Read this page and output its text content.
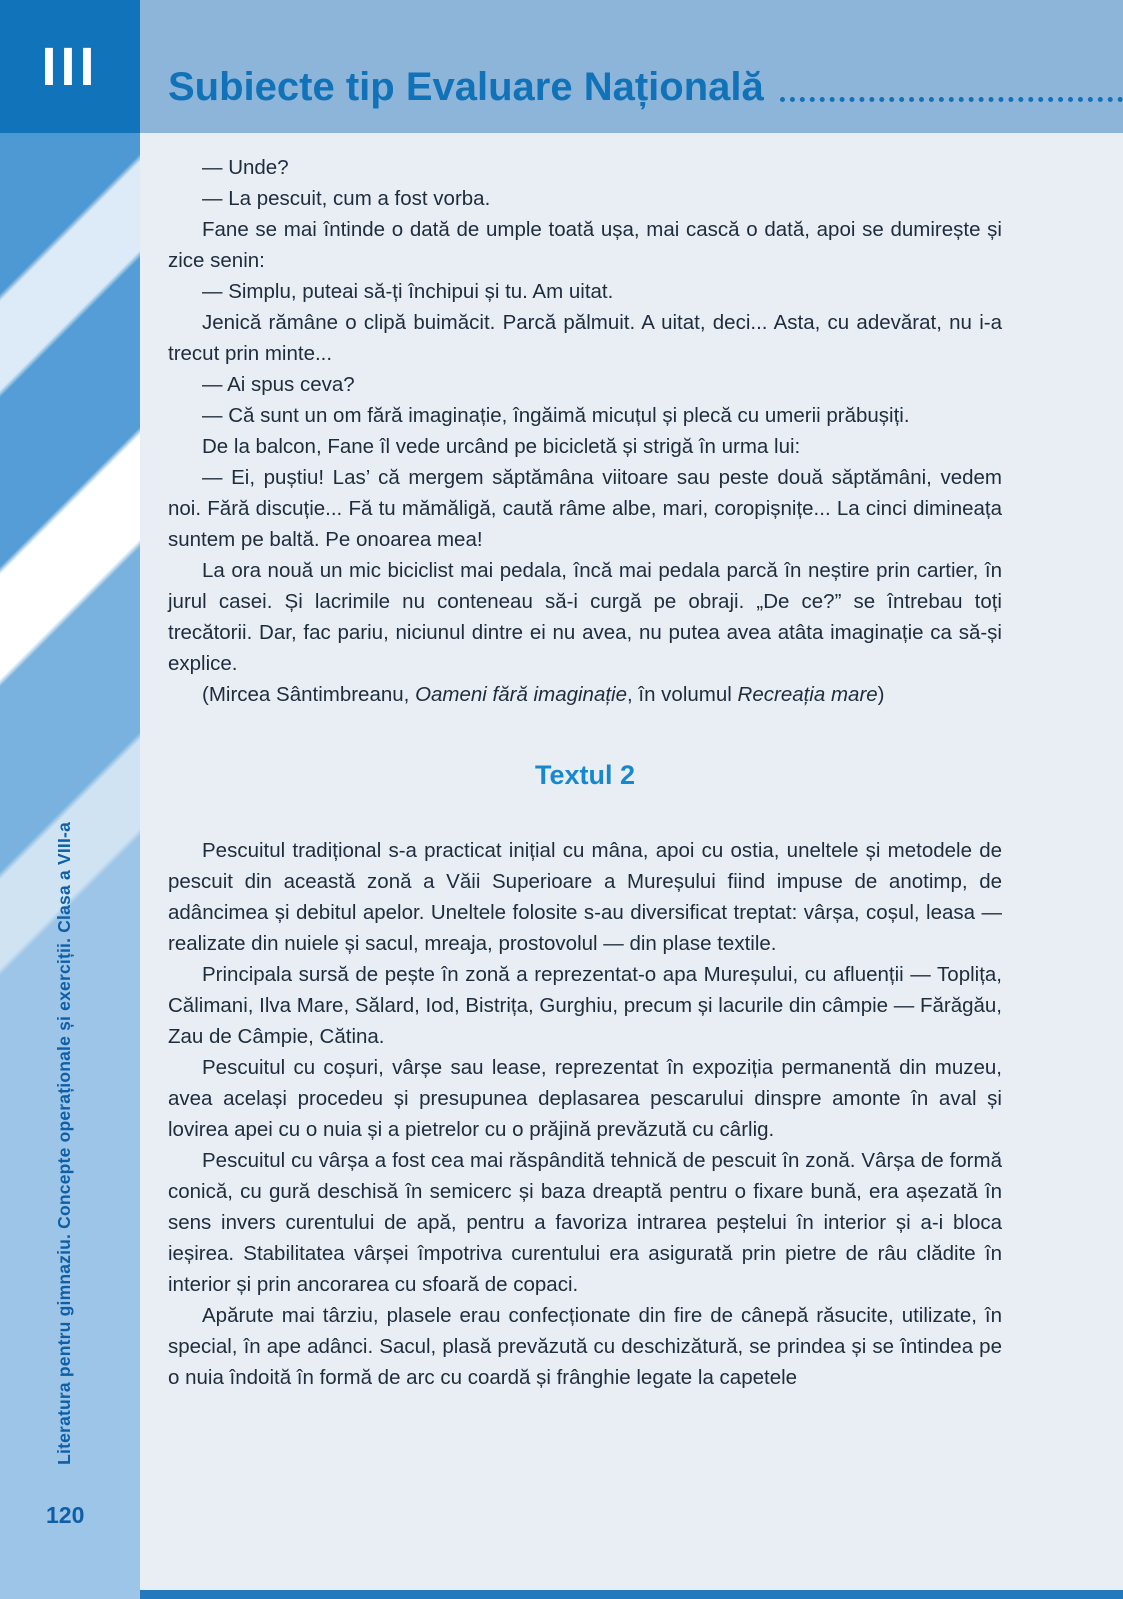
Subiecte tip Evaluare Națională
III
Literatura pentru gimnaziu. Concepte operaționale și exerciții. Clasa a VIII-a
120

— Unde?

— La pescuit, cum a fost vorba.

Fane se mai întinde o dată de umple toată ușa, mai cască o dată, apoi se dumirește și zice senin:

— Simplu, puteai să-ți închipui și tu. Am uitat.

Jenică rămâne o clipă buimăcit. Parcă pălmuit. A uitat, deci... Asta, cu adevărat, nu i-a trecut prin minte...

— Ai spus ceva?

— Că sunt un om fără imaginație, îngăimă micuțul și plecă cu umerii prăbușiți.

De la balcon, Fane îl vede urcând pe bicicletă și strigă în urma lui:

— Ei, puștiu! Las’ că mergem săptămâna viitoare sau peste două săptămâni, vedem noi. Fără discuție... Fă tu mămăligă, caută râme albe, mari, coropișnițe... La cinci dimineața suntem pe baltă. Pe onoarea mea!

La ora nouă un mic biciclist mai pedala, încă mai pedala parcă în neștire prin cartier, în jurul casei. Și lacrimile nu conteneau să-i curgă pe obraji. „De ce?” se întrebau toți trecătorii. Dar, fac pariu, niciunul dintre ei nu avea, nu putea avea atâta imaginație ca să-și explice.

(Mircea Sântimbreanu, Oameni fără imaginație, în volumul Recreația mare)

Textul 2

Pescuitul tradițional s-a practicat inițial cu mâna, apoi cu ostia, uneltele și metodele de pescuit din această zonă a Văii Superioare a Mureșului fiind impuse de anotimp, de adâncimea și debitul apelor. Uneltele folosite s-au diversificat treptat: vârșa, coșul, leasa — realizate din nuiele și sacul, mreaja, prostovolul — din plase textile.

Principala sursă de pește în zonă a reprezentat-o apa Mureșului, cu afluenții — Toplița, Călimani, Ilva Mare, Sălard, Iod, Bistrița, Gurghiu, precum și lacurile din câmpie — Fărăgău, Zau de Câmpie, Cătina.

Pescuitul cu coșuri, vârșe sau lease, reprezentat în expoziția permanentă din muzeu, avea același procedeu și presupunea deplasarea pescarului dinspre amonte în aval și lovirea apei cu o nuia și a pietrelor cu o prăjină prevăzută cu cârlig.

Pescuitul cu vârșa a fost cea mai răspândită tehnică de pescuit în zonă. Vârșa de formă conică, cu gură deschisă în semicerc și baza dreaptă pentru o fixare bună, era așezată în sens invers curentului de apă, pentru a favoriza intrarea peștelui în interior și a-i bloca ieșirea. Stabilitatea vârșei împotriva curentului era asigurată prin pietre de râu clădite în interior și prin ancorarea cu sfoară de copaci.

Apărute mai târziu, plasele erau confecționate din fire de cânepă răsucite, utilizate, în special, în ape adânci. Sacul, plasă prevăzută cu deschizătură, se prindea și se întindea pe o nuia îndoită în formă de arc cu coardă și frânghie legate la capetele
